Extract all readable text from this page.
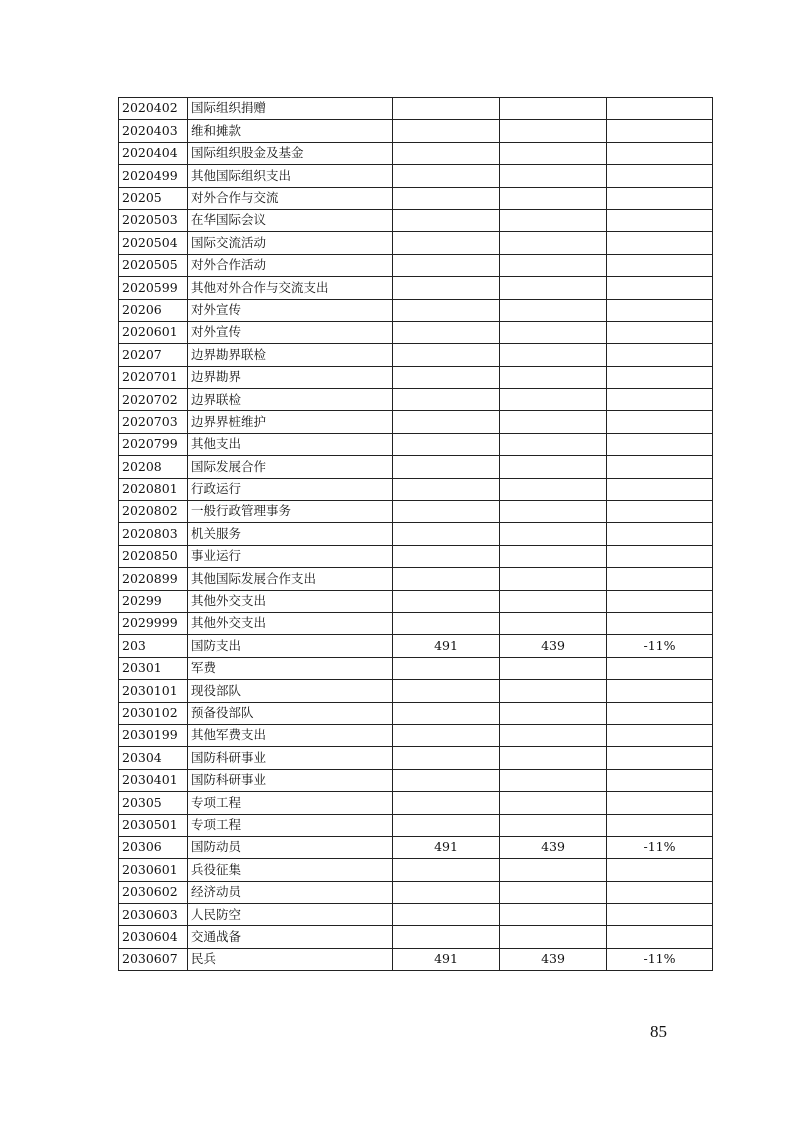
2020402	国际组织捐赠			
2020403	维和摊款			
2020404	国际组织股金及基金			
2020499	其他国际组织支出			
20205	对外合作与交流			
2020503	在华国际会议			
2020504	国际交流活动			
2020505	对外合作活动			
2020599	其他对外合作与交流支出			
20206	对外宣传			
2020601	对外宣传			
20207	边界勘界联检			
2020701	边界勘界			
2020702	边界联检			
2020703	边界界桩维护			
2020799	其他支出			
20208	国际发展合作			
2020801	行政运行			
2020802	一般行政管理事务			
2020803	机关服务			
2020850	事业运行			
2020899	其他国际发展合作支出			
20299	其他外交支出			
2029999	其他外交支出			
203	国防支出	491	439	-11%
20301	军费			
2030101	现役部队			
2030102	预备役部队			
2030199	其他军费支出			
20304	国防科研事业			
2030401	国防科研事业			
20305	专项工程			
2030501	专项工程			
20306	国防动员	491	439	-11%
2030601	兵役征集			
2030602	经济动员			
2030603	人民防空			
2030604	交通战备			
2030607	民兵	491	439	-11%
85
